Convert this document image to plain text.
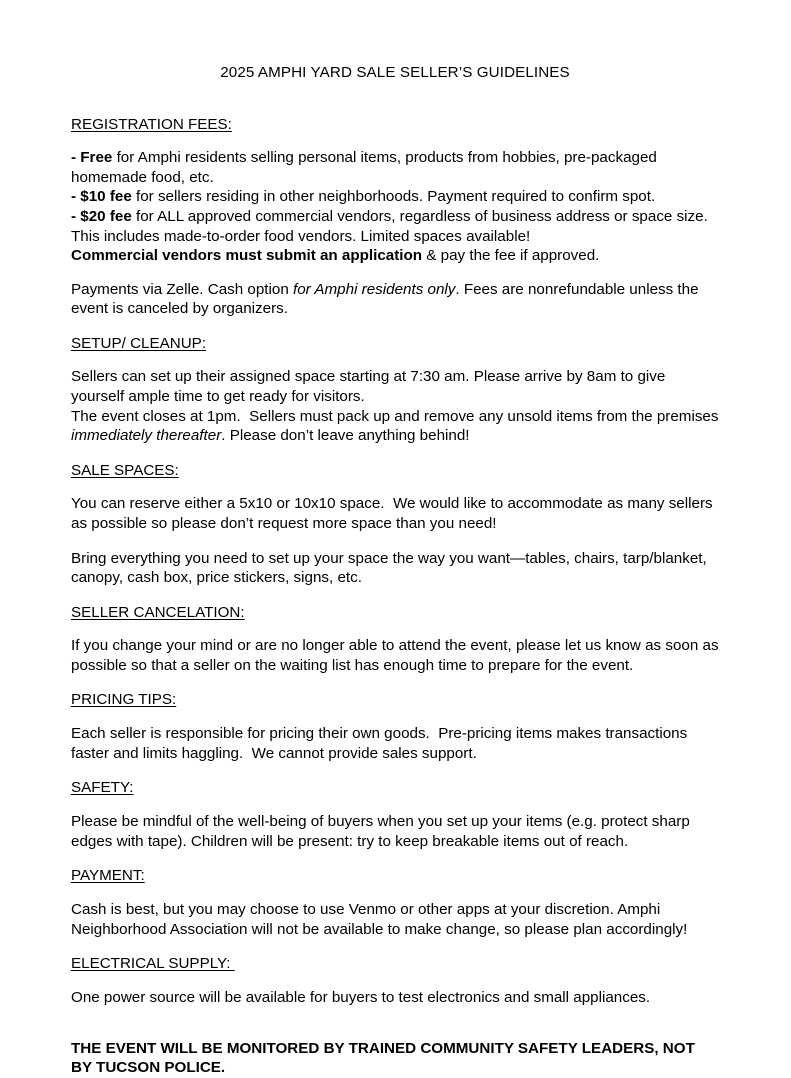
2025 AMPHI YARD SALE SELLER’S GUIDELINES
REGISTRATION FEES:

- Free for Amphi residents selling personal items, products from hobbies, pre-packaged homemade food, etc.
- $10 fee for sellers residing in other neighborhoods. Payment required to confirm spot.
- $20 fee for ALL approved commercial vendors, regardless of business address or space size. This includes made-to-order food vendors. Limited spaces available!
Commercial vendors must submit an application & pay the fee if approved.

Payments via Zelle. Cash option for Amphi residents only. Fees are nonrefundable unless the event is canceled by organizers.

SETUP/ CLEANUP:

Sellers can set up their assigned space starting at 7:30 am. Please arrive by 8am to give yourself ample time to get ready for visitors.

The event closes at 1pm.  Sellers must pack up and remove any unsold items from the premises immediately thereafter. Please don’t leave anything behind!

SALE SPACES:

You can reserve either a 5x10 or 10x10 space.  We would like to accommodate as many sellers as possible so please don’t request more space than you need!

Bring everything you need to set up your space the way you want—tables, chairs, tarp/blanket, canopy, cash box, price stickers, signs, etc.

SELLER CANCELATION:

If you change your mind or are no longer able to attend the event, please let us know as soon as possible so that a seller on the waiting list has enough time to prepare for the event.

PRICING TIPS:

Each seller is responsible for pricing their own goods.  Pre-pricing items makes transactions faster and limits haggling.  We cannot provide sales support.

SAFETY:

Please be mindful of the well-being of buyers when you set up your items (e.g. protect sharp edges with tape). Children will be present: try to keep breakable items out of reach.

PAYMENT:

Cash is best, but you may choose to use Venmo or other apps at your discretion. Amphi Neighborhood Association will not be available to make change, so please plan accordingly!

ELECTRICAL SUPPLY:

One power source will be available for buyers to test electronics and small appliances.

THE EVENT WILL BE MONITORED BY TRAINED COMMUNITY SAFETY LEADERS, NOT BY TUCSON POLICE.
